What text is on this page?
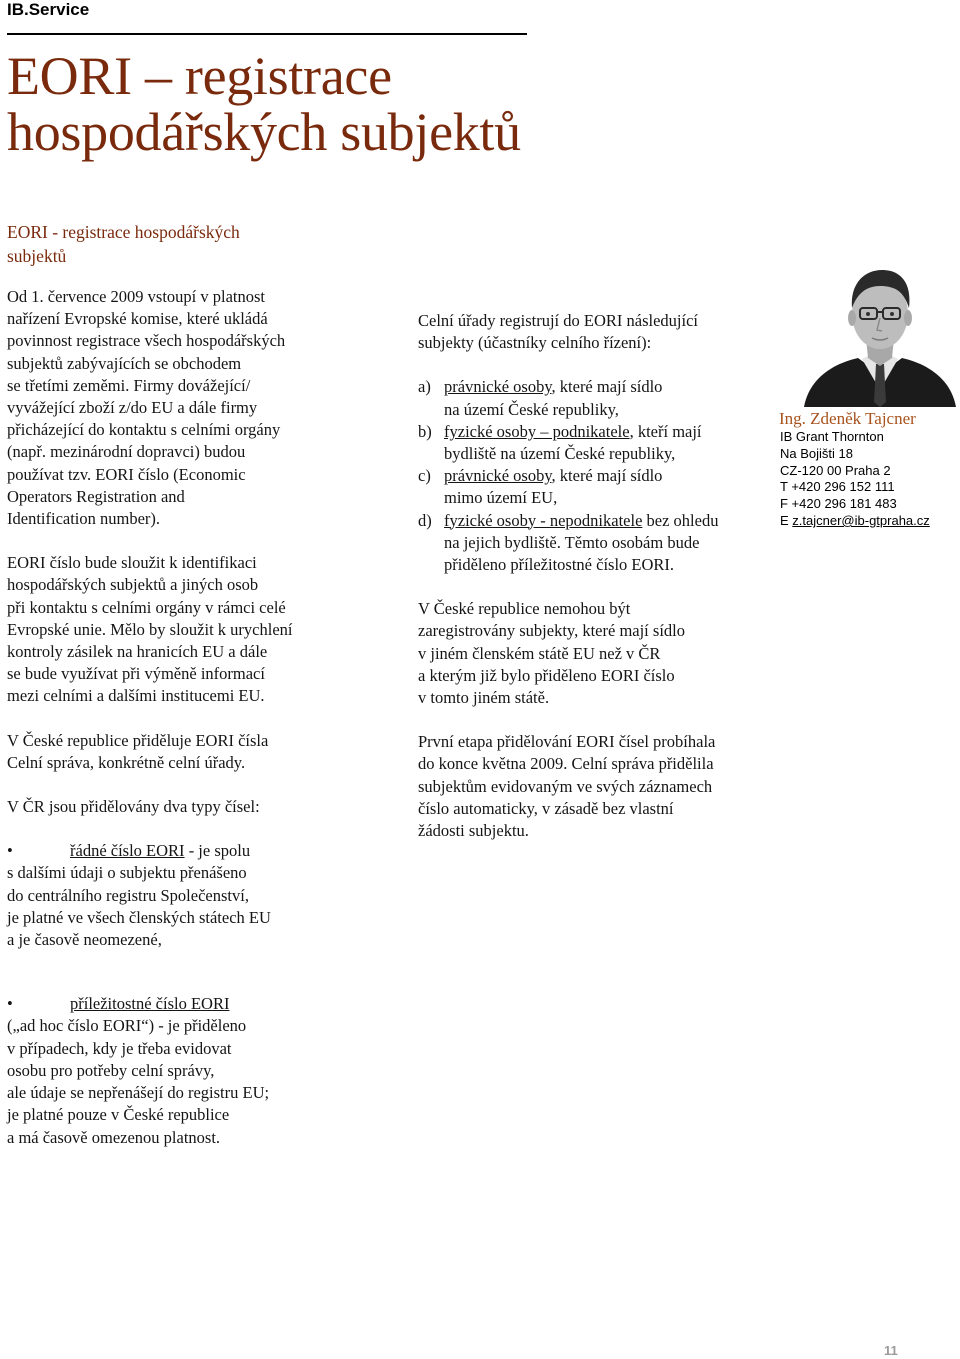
IB.Service
EORI – registrace
hospodářských subjektů
EORI - registrace hospodářských
subjektů

Od 1. července 2009 vstoupí v platnost

nařízení Evropské komise, které ukládá

povinnost registrace všech hospodářských

subjektů zabývajících se obchodem

se třetími zeměmi. Firmy dovážející/

vyvážející zboží z/do EU a dále firmy

přicházející do kontaktu s celními orgány

(např. mezinárodní dopravci) budou

používat tzv. EORI číslo (Economic

Operators Registration and

Identification number).

EORI číslo bude sloužit k identifikaci

hospodářských subjektů a jiných osob

při kontaktu s celními orgány v rámci celé

Evropské unie. Mělo by sloužit k urychlení

kontroly zásilek na hranicích EU a dále

se bude využívat při výměně informací

mezi celními a dalšími institucemi EU.

V České republice přiděluje EORI čísla

Celní správa, konkrétně celní úřady.

V ČR jsou přidělovány dva typy čísel:

•	řádné číslo EORI - je spolu

s dalšími údaji o subjektu přenášeno

do centrálního registru Společenství,

je platné ve všech členských státech EU

a je časově neomezené,

•	příležitostné číslo EORI

(„ad hoc číslo EORI“) - je přiděleno

v případech, kdy je třeba evidovat

osobu pro potřeby celní správy,

ale údaje se nepřenášejí do registru EU;

je platné pouze v České republice

a má časově omezenou platnost.

Celní úřady registrují do EORI následující

subjekty (účastníky celního řízení):

a) právnické osoby, které mají sídlo

na území České republiky,

b) fyzické osoby – podnikatele, kteří mají

bydliště na území České republiky,

c) právnické osoby, které mají sídlo

mimo území EU,

d) fyzické osoby - nepodnikatele bez ohledu

na jejich bydliště. Těmto osobám bude

přiděleno příležitostné číslo EORI.

V České republice nemohou být

zaregistrovány subjekty, které mají sídlo

v jiném členském státě EU než v ČR

a kterým již bylo přiděleno EORI číslo

v tomto jiném státě.

První etapa přidělování EORI čísel probíhala

do konce května 2009. Celní správa přidělila

subjektům evidovaným ve svých záznamech

číslo automaticky, v zásadě bez vlastní

žádosti subjektu.

Ing. Zdeněk Tajcner
IB Grant Thornton
Na Bojišti 18
CZ-120 00 Praha 2
T +420 296 152 111
F +420 296 181 483
E z.tajcner@ib-gtpraha.cz
11
